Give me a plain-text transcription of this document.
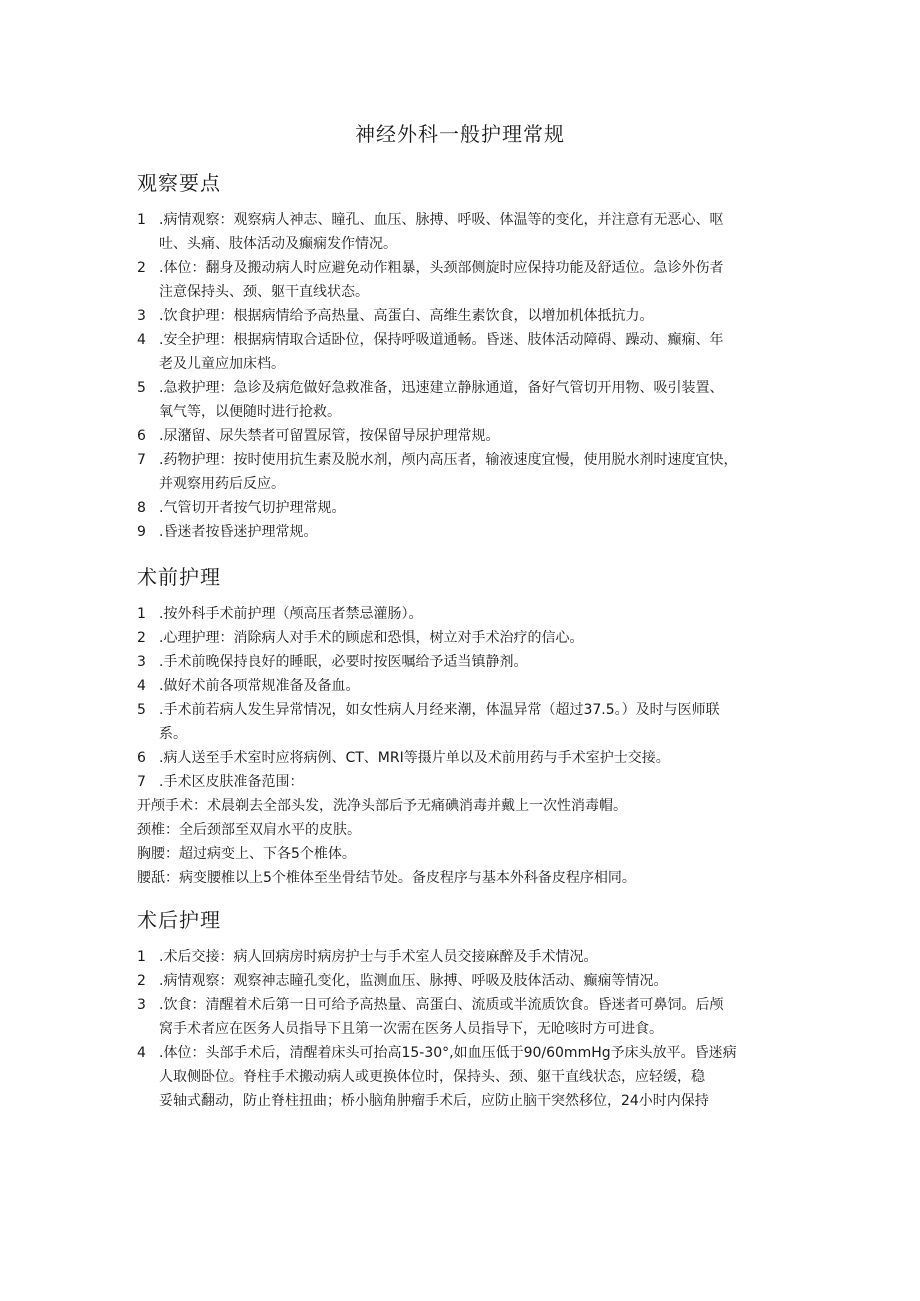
神经外科一般护理常规
观察要点
1 .病情观察：观察病人神志、瞳孔、血压、脉搏、呼吸、体温等的变化，并注意有无恶心、呕
吐、头痛、肢体活动及癫痫发作情况。
2 .体位：翻身及搬动病人时应避免动作粗暴，头颈部侧旋时应保持功能及舒适位。急诊外伤者
注意保持头、颈、躯干直线状态。
3 .饮食护理：根据病情给予高热量、高蛋白、高维生素饮食，以增加机体抵抗力。
4 .安全护理：根据病情取合适卧位，保持呼吸道通畅。昏迷、肢体活动障碍、躁动、癫痫、年
老及儿童应加床档。
5 .急救护理：急诊及病危做好急救准备，迅速建立静脉通道，备好气管切开用物、吸引装置、
氧气等，以便随时进行抢救。
6 .尿潴留、尿失禁者可留置尿管，按保留导尿护理常规。
7 .药物护理：按时使用抗生素及脱水剂，颅内高压者，输液速度宜慢，使用脱水剂时速度宜快，
并观察用药后反应。
8 .气管切开者按气切护理常规。
9 .昏迷者按昏迷护理常规。
术前护理
1 .按外科手术前护理（颅高压者禁忌灌肠）。
2 .心理护理：消除病人对手术的顾虑和恐惧，树立对手术治疗的信心。
3 .手术前晚保持良好的睡眠，必要时按医嘱给予适当镇静剂。
4 .做好术前各项常规准备及备血。
5 .手术前若病人发生异常情况，如女性病人月经来潮，体温异常（超过37.5。）及时与医师联
系。
6 .病人送至手术室时应将病例、CT、MRI等摄片单以及术前用药与手术室护士交接。
7 .手术区皮肤准备范围：
开颅手术：术晨剃去全部头发，洗净头部后予无痛碘消毒并戴上一次性消毒帽。
颈椎：全后颈部至双肩水平的皮肤。
胸腰：超过病变上、下各5个椎体。
腰舐：病变腰椎以上5个椎体至坐骨结节处。备皮程序与基本外科备皮程序相同。
术后护理
1 .术后交接：病人回病房时病房护士与手术室人员交接麻醉及手术情况。
2 .病情观察：观察神志瞳孔变化，监测血压、脉搏、呼吸及肢体活动、癫痫等情况。
3 .饮食：清醒着术后第一日可给予高热量、高蛋白、流质或半流质饮食。昏迷者可鼻饲。后颅
窝手术者应在医务人员指导下且第一次需在医务人员指导下，无呛咳时方可进食。
4 .体位：头部手术后，清醒着床头可抬高15-30°,如血压低于90∕60mmHg予床头放平。昏迷病
人取侧卧位。脊柱手术搬动病人或更换体位时，保持头、颈、躯干直线状态，应轻缓，稳
妥轴式翻动，防止脊柱扭曲；桥小脑角肿瘤手术后，应防止脑干突然移位，24小时内保持
